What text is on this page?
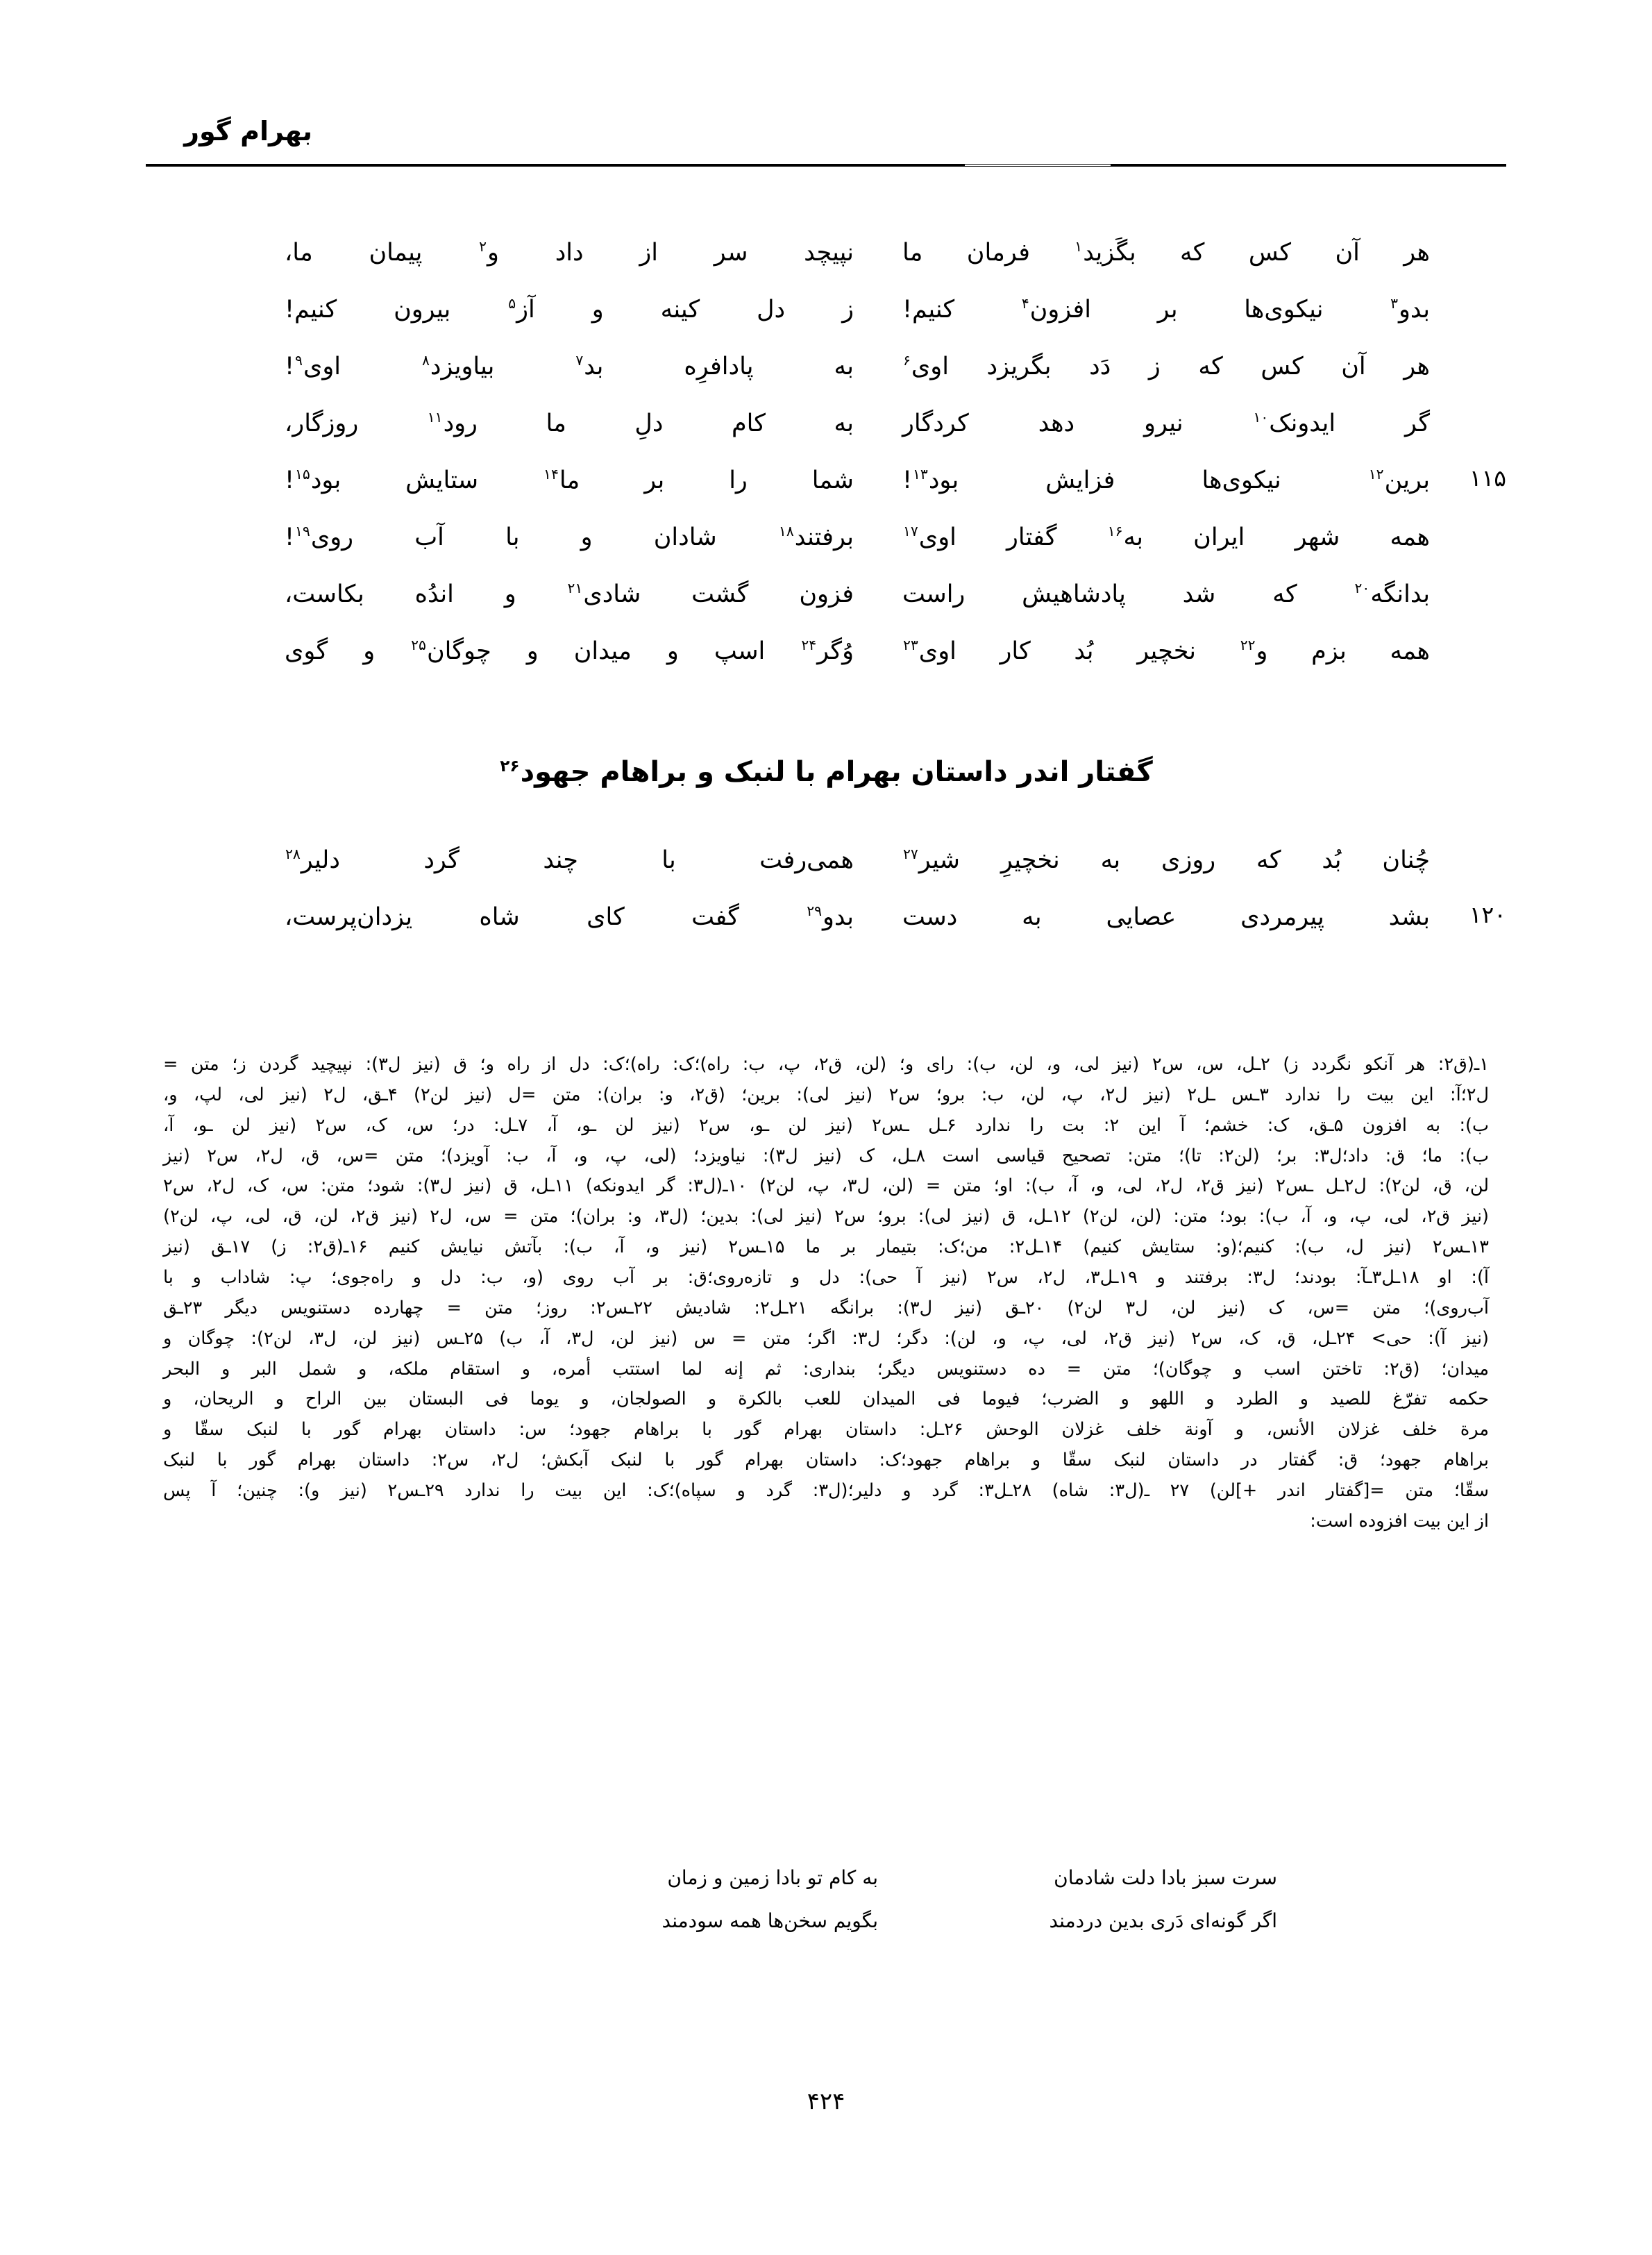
بهرام گور
هر آن کس که بگَزید$^۱$ فرمان ما
نپیچد سر از داد و$^۲$ پیمان ما،
بدو$^۳$ نیکوی‌ها بر افزون$^۴$ کنیم!
ز دل کینه و آز$^۵$ بیرون کنیم!
هر آن کس که ز دَد بگریزد اوی$^۶$
به پادافرِه بد$^۷$ بیاویزد$^۸$ اوی$^۹$!
گر ایدونک$^{۱۰}$ نیرو دهد کردگار
به کام دلِ ما رود$^{۱۱}$ روزگار،
۱۱۵
برین$^{۱۲}$ نیکوی‌ها فزایش بود$^{۱۳}$!
شما را بر ما$^{۱۴}$ ستایش بود$^{۱۵}$!
همه شهر ایران به$^{۱۶}$ گفتار اوی$^{۱۷}$
برفتند$^{۱۸}$ شادان و با آب روی$^{۱۹}$!
بدانگه$^{۲۰}$ که شد پادشاهیش راست
فزون گشت شادی$^{۲۱}$ و اندُه بکاست،
همه بزم و$^{۲۲}$ نخچیر بُد کار اوی$^{۲۳}$
وُگر$^{۲۴}$ اسپ و میدان و چوگان$^{۲۵}$ و گوی
گفتار اندر داستان بهرام با لنبک و براهام جهود$^{۲۶}$
چُنان بُد که روزی به نخچیرِ شیر$^{۲۷}$
همی‌رفت با چند گرد دلیر$^{۲۸}$
۱۲۰
بشد پیرمردی عصایی به دست
بدو$^{۲۹}$ گفت کای شاه یزدان‌پرست،

۱ـ(ق۲: هر آنکو نگردد ز) ۲ـل، س، س۲ (نیز لی، و، لن، ب): رای و؛ (لن، ق۲، پ، ب: راه)؛ک: راه)؛ک: دل از راه و؛ ق (نیز ل۳): نپیچید گردن ز؛ متن =

ل۲؛آ: این بیت را ندارد ۳ـس ـل۲ (نیز ل۲، پ، لن، ب: برو؛ س۲ (نیز لی): برین؛ (ق۲، و: بران): متن =ل (نیز لن۲) ۴ـق، ل۲ (نیز لی، لپ، و،

ب): به افزون ۵ـق، ک: خشم؛ آ این ۲: بت را ندارد ۶ـل ـس۲ (نیز لن ـو، س۲ (نیز لن ـو، آ، ۷ـل: در؛ س، ک، س۲ (نیز لن ـو، آ،

ب): ما؛ ق: داد؛ل۳: بر؛ (لن۲: تا)؛ متن: تصحیح قیاسی است ۸ـل، ک (نیز ل۳): نیاویزد؛ (لی، پ، و، آ، ب: آویزد)؛ متن =س، ق، ل۲، س۲ (نیز

لن، ق، لن۲): ل۲ـل ـس۲ (نیز ق۲، ل۲، لی، و، آ، ب): او؛ متن = (لن، ل۳، پ، لن۲) ۱۰ـ(ل۳: گر ایدونکه) ۱۱ـل، ق (نیز ل۳): شود؛ متن: س، ک، ل۲، س۲

(نیز ق۲، لی، پ، و، آ، ب): بود؛ متن: (لن، لن۲) ۱۲ـل، ق (نیز لی): برو؛ س۲ (نیز لی): بدین؛ (ل۳، و: بران)؛ متن = س، ل۲ (نیز ق۲، لن، ق، لی، پ، لن۲)

۱۳ـس۲ (نیز ل، ب): کنیم؛(و: ستایش کنیم) ۱۴ـل۲: من؛ک: بتیمار بر ما ۱۵ـس۲ (نیز و، آ، ب): بآتش نیایش کنیم ۱۶ـ(ق۲: ز) ۱۷ـق (نیز

آ): او ۱۸ـل۳ـآ: بودند؛ ل۳: برفتند و ۱۹ـل۳، ل۲، س۲ (نیز آ حی): دل و تازه‌روی؛ق: بر آب روی (و، ب: دل و راه‌جوی؛ پ: شاداب و با

آب‌روی)؛ متن =س، ک (نیز لن، ل۳ لن۲) ۲۰ـق (نیز ل۳): برانگه ۲۱ـل۲: شادیش ۲۲ـس۲: روز؛ متن = چهارده دستنویس دیگر ۲۳ـق

(نیز آ): حی> ۲۴ـل، ق، ک، س۲ (نیز ق۲، لی، پ، و، لن): دگر؛ ل۳: اگر؛ متن = س (نیز لن، ل۳، آ، ب) ۲۵ـس (نیز لن، ل۳، لن۲): چوگان و

میدان؛ (ق۲: تاختن اسب و چوگان)؛ متن = ده دستنویس دیگر؛ بنداری: ثم إنه لما استتب أمره، و استقام ملکه، و شمل البر و البحر

حکمه تفرّغ للصید و الطرد و اللهو و الضرب؛ فیوما فی المیدان للعب بالکرة و الصولجان، و یوما فی البستان بین الراح و الریحان، و

مرة خلف غزلان الأنس، و آونة خلف غزلان الوحش ۲۶ـل: داستان بهرام گور با براهام جهود؛ س: داستان بهرام گور با لنبک سقّا و

براهام جهود؛ ق: گفتار در داستان لنبک سقّا و براهام جهود؛ک: داستان بهرام گور با لنبک آبکش؛ ل۲، س۲: داستان بهرام گور با لنبک

سقّا؛ متن =[گفتار اندر +]لن) ۲۷ ـ(ل۳: شاه) ۲۸ـل۳: گرد و دلیر؛(ل۳: گرد و سپاه)؛ک: این بیت را ندارد ۲۹ـس۲ (نیز و): چنین؛ آ پس

از این بیت افزوده است:

سرت سبز بادا دلت شادمان
به کام تو بادا زمین و زمان
اگر گونه‌ای دَری بدین دردمند
بگویم سخن‌ها همه سودمند
۴۲۴
